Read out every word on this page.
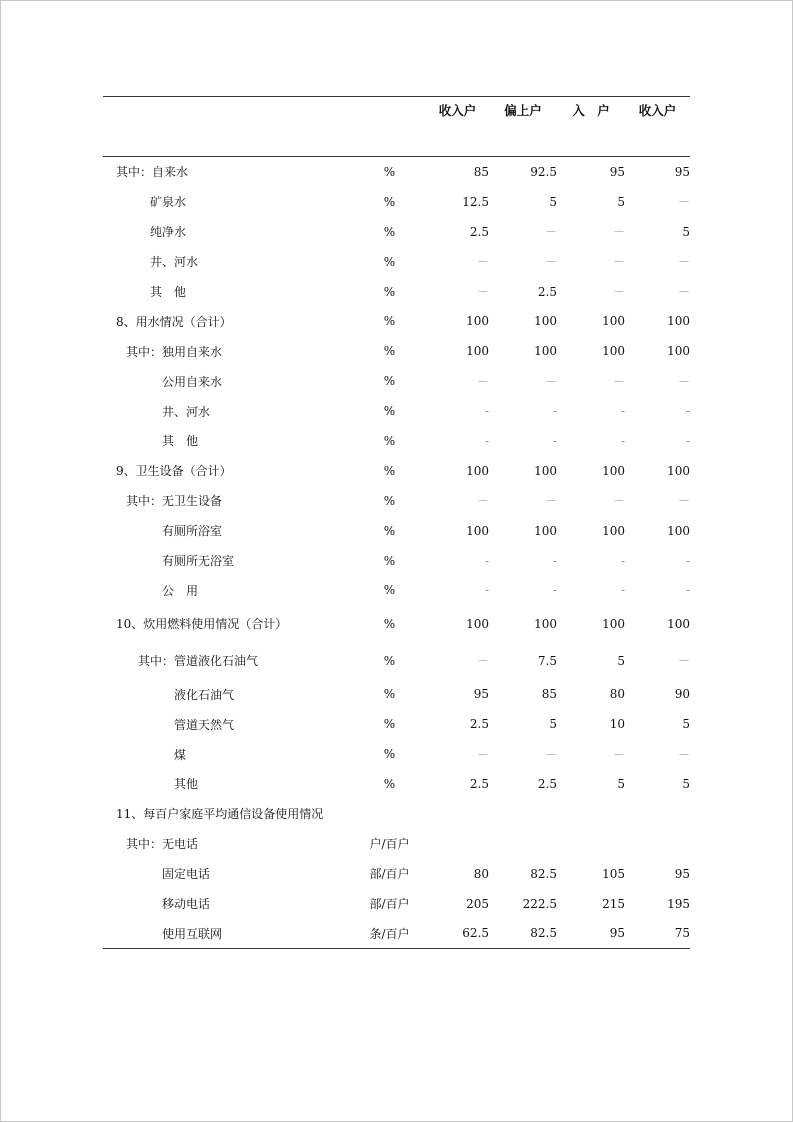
		收入户	偏上户	入　户	收入户
其中：自来水	%	85	92.5	95	95
矿泉水	%	12.5	5	5	－
纯净水	%	2.5	－	－	5
井、河水	%	－	－	－	－
其　他	%	－	2.5	－	－
8、用水情况（合计）	%	100	100	100	100
其中：独用自来水	%	100	100	100	100
公用自来水	%	－	－	－	－
井、河水	%	-	-	-	-
其　他	%	-	-	-	-
9、卫生设备（合计）	%	100	100	100	100
其中：无卫生设备	%	－	－	－	－
有厕所浴室	%	100	100	100	100
有厕所无浴室	%	-	-	-	-
公　用	%	-	-	-	-
10、炊用燃料使用情况（合计）	%	100	100	100	100
其中：管道液化石油气	%	－	7.5	5	－
液化石油气	%	95	85	80	90
管道天然气	%	2.5	5	10	5
煤	%	－	－	－	－
其他	%	2.5	2.5	5	5
11、每百户家庭平均通信设备使用情况					
其中：无电话	户/百户				
固定电话	部/百户	80	82.5	105	95
移动电话	部/百户	205	222.5	215	195
使用互联网	条/百户	62.5	82.5	95	75
